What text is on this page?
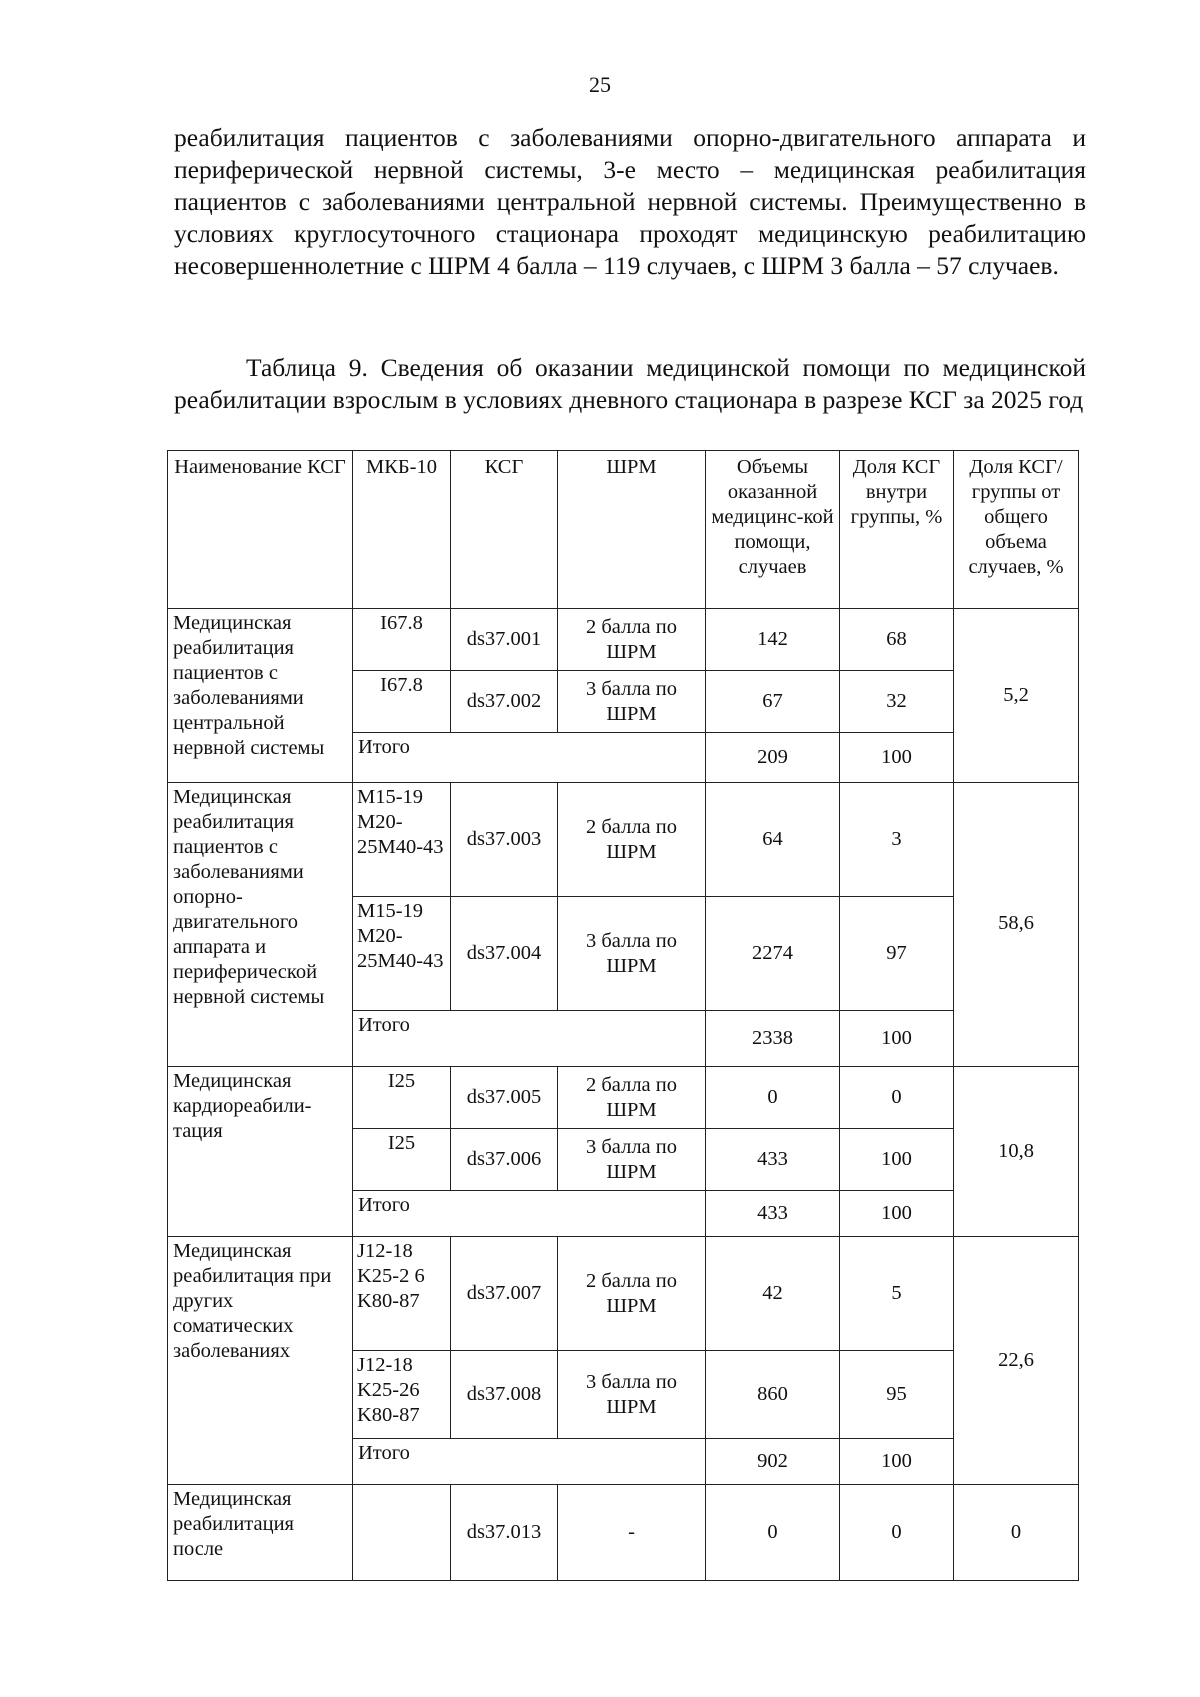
25

реабилитация пациентов с заболеваниями опорно-двигательного аппарата и периферической нервной системы, 3-е место – медицинская реабилитация пациентов с заболеваниями центральной нервной системы. Преимущественно в условиях круглосуточного стационара проходят медицинскую реабилитацию несовершеннолетние с ШРМ 4 балла – 119 случаев, с ШРМ 3 балла – 57 случаев.

Таблица 9. Сведения об оказании медицинской помощи по медицинской реабилитации взрослым в условиях дневного стационара в разрезе КСГ за 2025 год

Наименование КСГ	МКБ-10	КСГ	ШРМ	Объемы оказанной медицинс-кой помощи, случаев	Доля КСГ внутри группы, %	Доля КСГ/ группы от общего объема случаев, %
Медицинская реабилитация пациентов с заболеваниями центральной нервной системы	I67.8	ds37.001	2 балла по ШРМ	142	68	5,2
	I67.8	ds37.002	3 балла по ШРМ	67	32	
	Итого			209	100	
Медицинская реабилитация пациентов с заболеваниями опорно-двигательного аппарата и периферической нервной системы	M15-19 M20-25M40-43	ds37.003	2 балла по ШРМ	64	3	58,6
	M15-19 M20-25M40-43	ds37.004	3 балла по ШРМ	2274	97	
	Итого			2338	100	
Медицинская кардиореабили-тация	I25	ds37.005	2 балла по ШРМ	0	0	10,8
	I25	ds37.006	3 балла по ШРМ	433	100	
	Итого			433	100	
Медицинская реабилитация при других соматических заболеваниях	J12-18 K25-2 6 K80-87	ds37.007	2 балла по ШРМ	42	5	22,6
	J12-18 K25-26 K80-87	ds37.008	3 балла по ШРМ	860	95	
	Итого			902	100	
Медицинская реабилитация после		ds37.013	-	0	0	0
